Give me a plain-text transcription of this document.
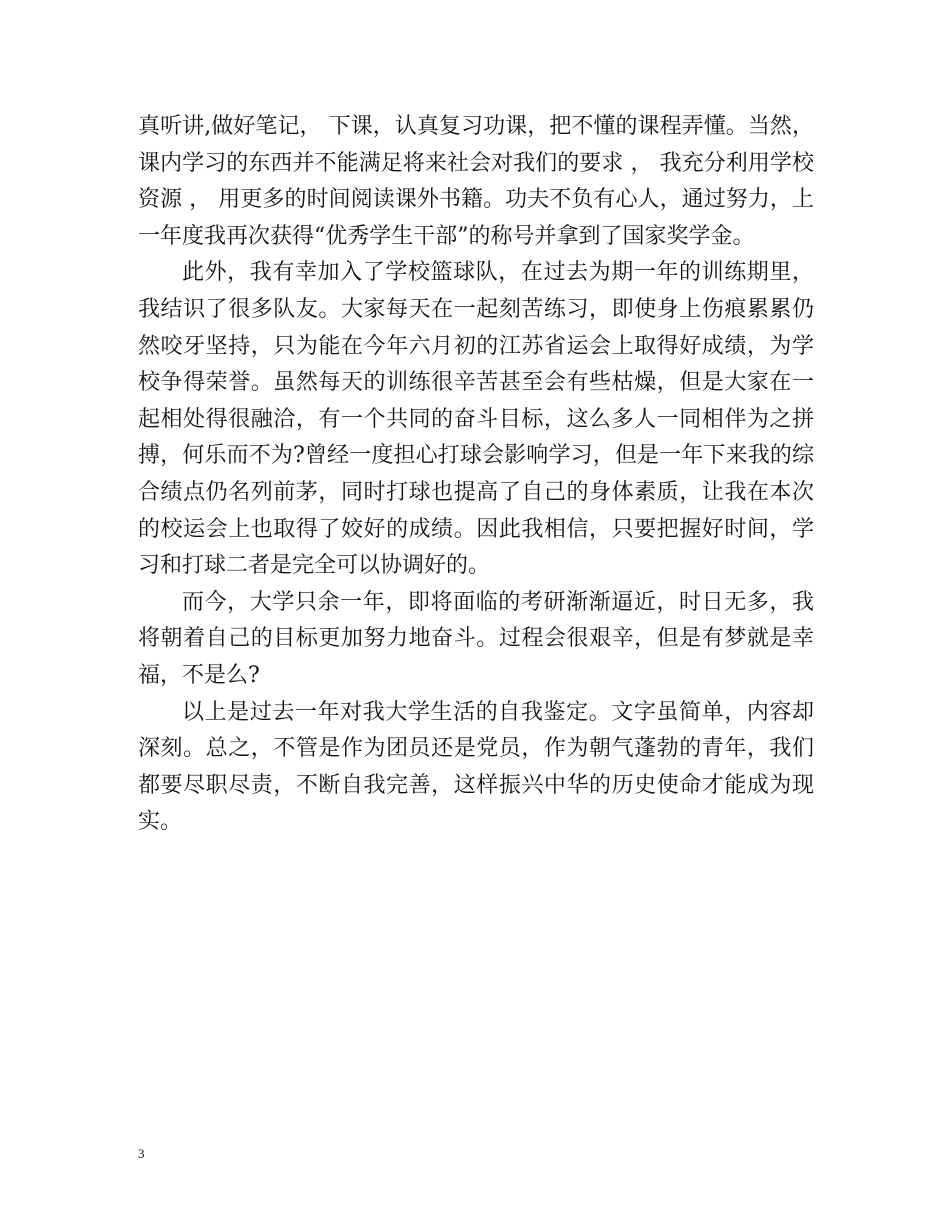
真听讲,做好笔记， 下课，认真复习功课，把不懂的课程弄懂。当然，课内学习的东西并不能满足将来社会对我们的要求 ， 我充分利用学校资源 ， 用更多的时间阅读课外书籍。功夫不负有心人，通过努力，上一年度我再次获得“优秀学生干部”的称号并拿到了国家奖学金。

此外，我有幸加入了学校篮球队，在过去为期一年的训练期里，我结识了很多队友。大家每天在一起刻苦练习，即使身上伤痕累累仍然咬牙坚持，只为能在今年六月初的江苏省运会上取得好成绩，为学校争得荣誉。虽然每天的训练很辛苦甚至会有些枯燥，但是大家在一起相处得很融洽，有一个共同的奋斗目标，这么多人一同相伴为之拼搏，何乐而不为?曾经一度担心打球会影响学习，但是一年下来我的综合绩点仍名列前茅，同时打球也提高了自己的身体素质，让我在本次的校运会上也取得了姣好的成绩。因此我相信，只要把握好时间，学习和打球二者是完全可以协调好的。

而今，大学只余一年，即将面临的考研渐渐逼近，时日无多，我将朝着自己的目标更加努力地奋斗。过程会很艰辛，但是有梦就是幸福，不是么?

以上是过去一年对我大学生活的自我鉴定。文字虽简单，内容却深刻。总之，不管是作为团员还是党员，作为朝气蓬勃的青年，我们都要尽职尽责，不断自我完善，这样振兴中华的历史使命才能成为现实。

3
